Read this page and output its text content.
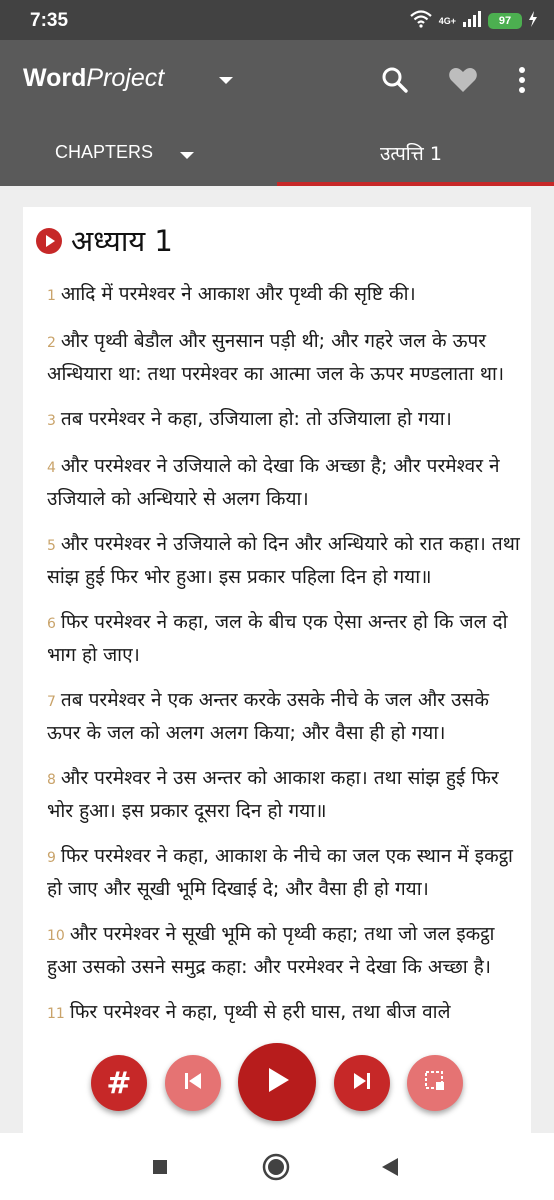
7:35	4G+	97
WordProject
CHAPTERS	उत्पत्ति 1
अध्याय 1

1 आदि में परमेश्वर ने आकाश और पृथ्वी की सृष्टि की।

2 और पृथ्वी बेडौल और सुनसान पड़ी थी; और गहरे जल के ऊपर अन्धियारा था: तथा परमेश्वर का आत्मा जल के ऊपर मण्डलाता था।

3 तब परमेश्वर ने कहा, उजियाला हो: तो उजियाला हो गया।

4 और परमेश्वर ने उजियाले को देखा कि अच्छा है; और परमेश्वर ने उजियाले को अन्धियारे से अलग किया।

5 और परमेश्वर ने उजियाले को दिन और अन्धियारे को रात कहा। तथा सांझ हुई फिर भोर हुआ। इस प्रकार पहिला दिन हो गया॥

6 फिर परमेश्वर ने कहा, जल के बीच एक ऐसा अन्तर हो कि जल दो भाग हो जाए।

7 तब परमेश्वर ने एक अन्तर करके उसके नीचे के जल और उसके ऊपर के जल को अलग अलग किया; और वैसा ही हो गया।

8 और परमेश्वर ने उस अन्तर को आकाश कहा। तथा सांझ हुई फिर भोर हुआ। इस प्रकार दूसरा दिन हो गया॥

9 फिर परमेश्वर ने कहा, आकाश के नीचे का जल एक स्थान में इकट्ठा हो जाए और सूखी भूमि दिखाई दे; और वैसा ही हो गया।

10 और परमेश्वर ने सूखी भूमि को पृथ्वी कहा; तथा जो जल इकट्ठा हुआ उसको उसने समुद्र कहा: और परमेश्वर ने देखा कि अच्छा है।

11 फिर परमेश्वर ने कहा, पृथ्वी से हरी घास, तथा बीज वाले

#
